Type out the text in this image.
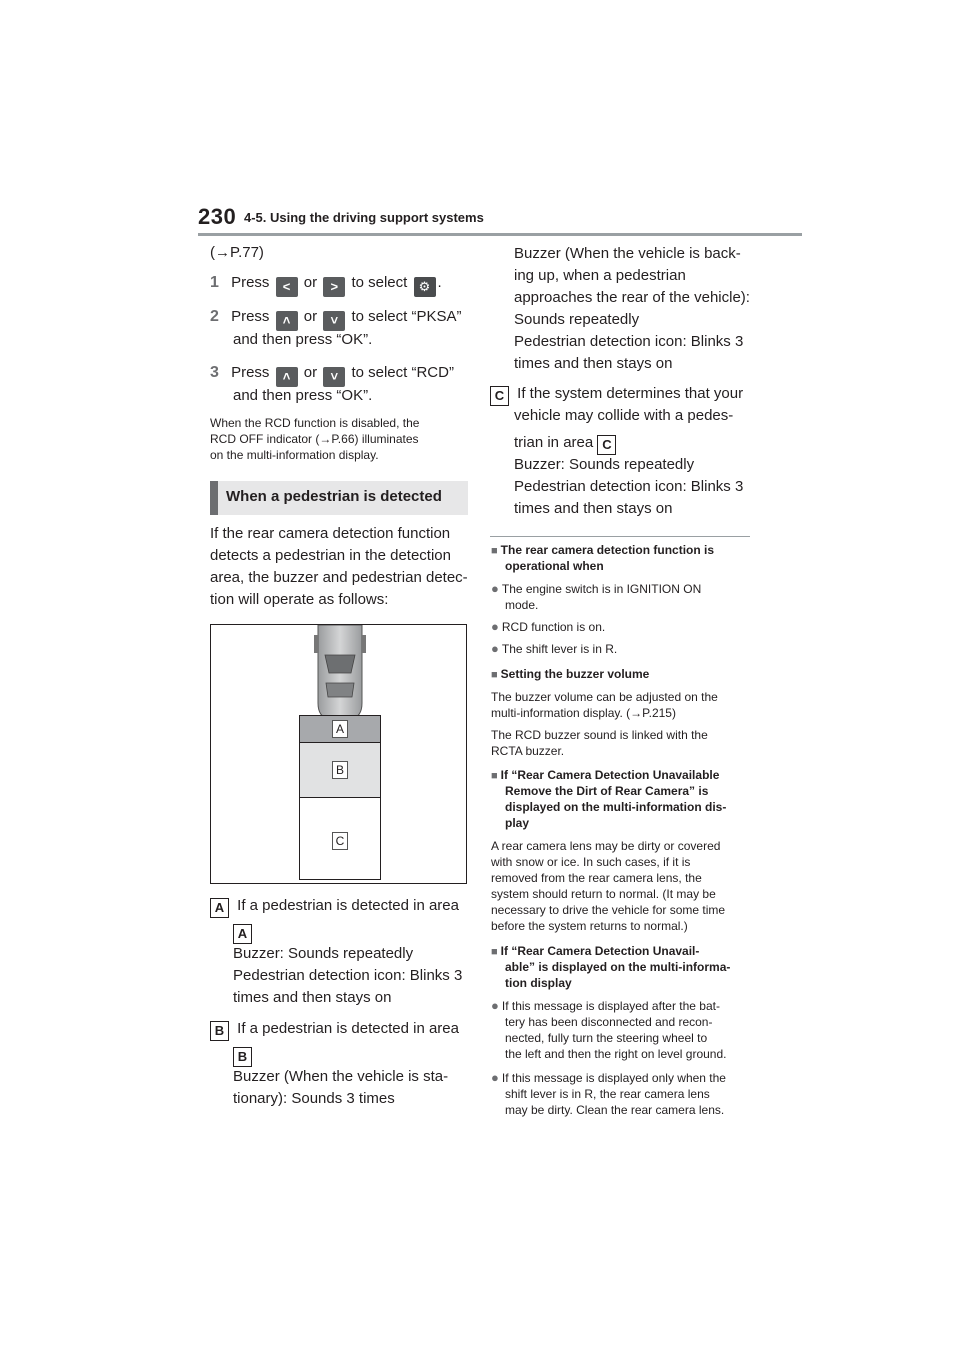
230 4-5. Using the driving support systems
(→P.77)
1 Press < or > to select ⚙ .
2 Press ˄ or ˅ to select “PKSA”
and then press “OK”.
3 Press ˄ or ˅ to select “RCD”
and then press “OK”.
When the RCD function is disabled, the
RCD OFF indicator (→P.66) illuminates
on the multi-information display.
When a pedestrian is detected
If the rear camera detection function
detects a pedestrian in the detection
area, the buzzer and pedestrian detec-
tion will operate as follows:
A
B
C
A If a pedestrian is detected in area
A
Buzzer: Sounds repeatedly
Pedestrian detection icon: Blinks 3
times and then stays on
B If a pedestrian is detected in area
B
Buzzer (When the vehicle is sta-
tionary): Sounds 3 times
Buzzer (When the vehicle is back-
ing up, when a pedestrian
approaches the rear of the vehicle):
Sounds repeatedly
Pedestrian detection icon: Blinks 3
times and then stays on
C If the system determines that your
vehicle may collide with a pedes-
trian in area C
Buzzer: Sounds repeatedly
Pedestrian detection icon: Blinks 3
times and then stays on
■ The rear camera detection function is
operational when
● The engine switch is in IGNITION ON
mode.
● RCD function is on.
● The shift lever is in R.
■ Setting the buzzer volume
The buzzer volume can be adjusted on the
multi-information display. (→P.215)
The RCD buzzer sound is linked with the
RCTA buzzer.
■ If “Rear Camera Detection Unavailable
Remove the Dirt of Rear Camera” is
displayed on the multi-information dis-
play
A rear camera lens may be dirty or covered
with snow or ice. In such cases, if it is
removed from the rear camera lens, the
system should return to normal. (It may be
necessary to drive the vehicle for some time
before the system returns to normal.)
■ If “Rear Camera Detection Unavail-
able” is displayed on the multi-informa-
tion display
● If this message is displayed after the bat-
tery has been disconnected and recon-
nected, fully turn the steering wheel to
the left and then the right on level ground.
● If this message is displayed only when the
shift lever is in R, the rear camera lens
may be dirty. Clean the rear camera lens.
